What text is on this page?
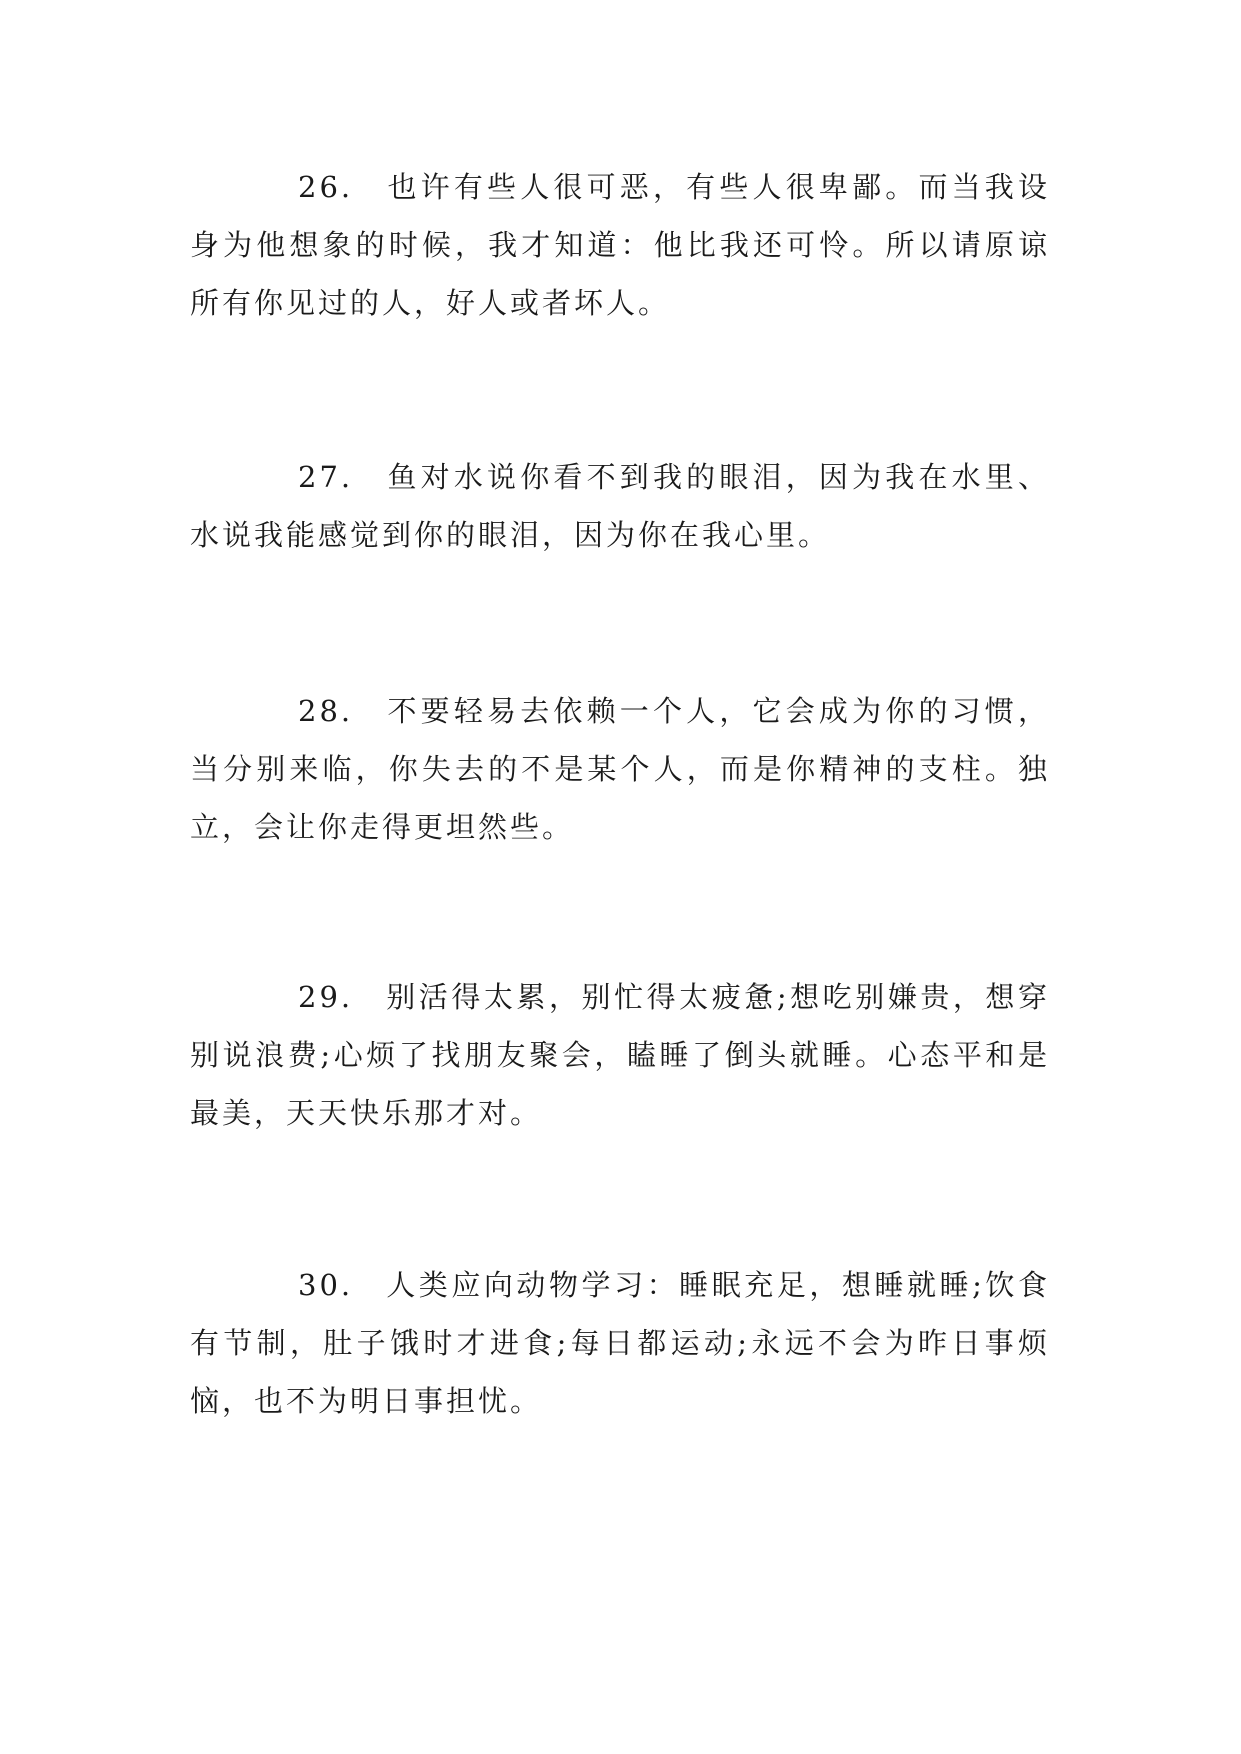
26.　也许有些人很可恶，有些人很卑鄙。而当我设身为他想象的时候，我才知道：他比我还可怜。所以请原谅所有你见过的人，好人或者坏人。

27.　鱼对水说你看不到我的眼泪，因为我在水里、水说我能感觉到你的眼泪，因为你在我心里。

28.　不要轻易去依赖一个人，它会成为你的习惯，当分别来临，你失去的不是某个人，而是你精神的支柱。独立，会让你走得更坦然些。

29.　别活得太累，别忙得太疲惫;想吃别嫌贵，想穿别说浪费;心烦了找朋友聚会，瞌睡了倒头就睡。心态平和是最美，天天快乐那才对。

30.　人类应向动物学习：睡眠充足，想睡就睡;饮食有节制，肚子饿时才进食;每日都运动;永远不会为昨日事烦恼，也不为明日事担忧。
